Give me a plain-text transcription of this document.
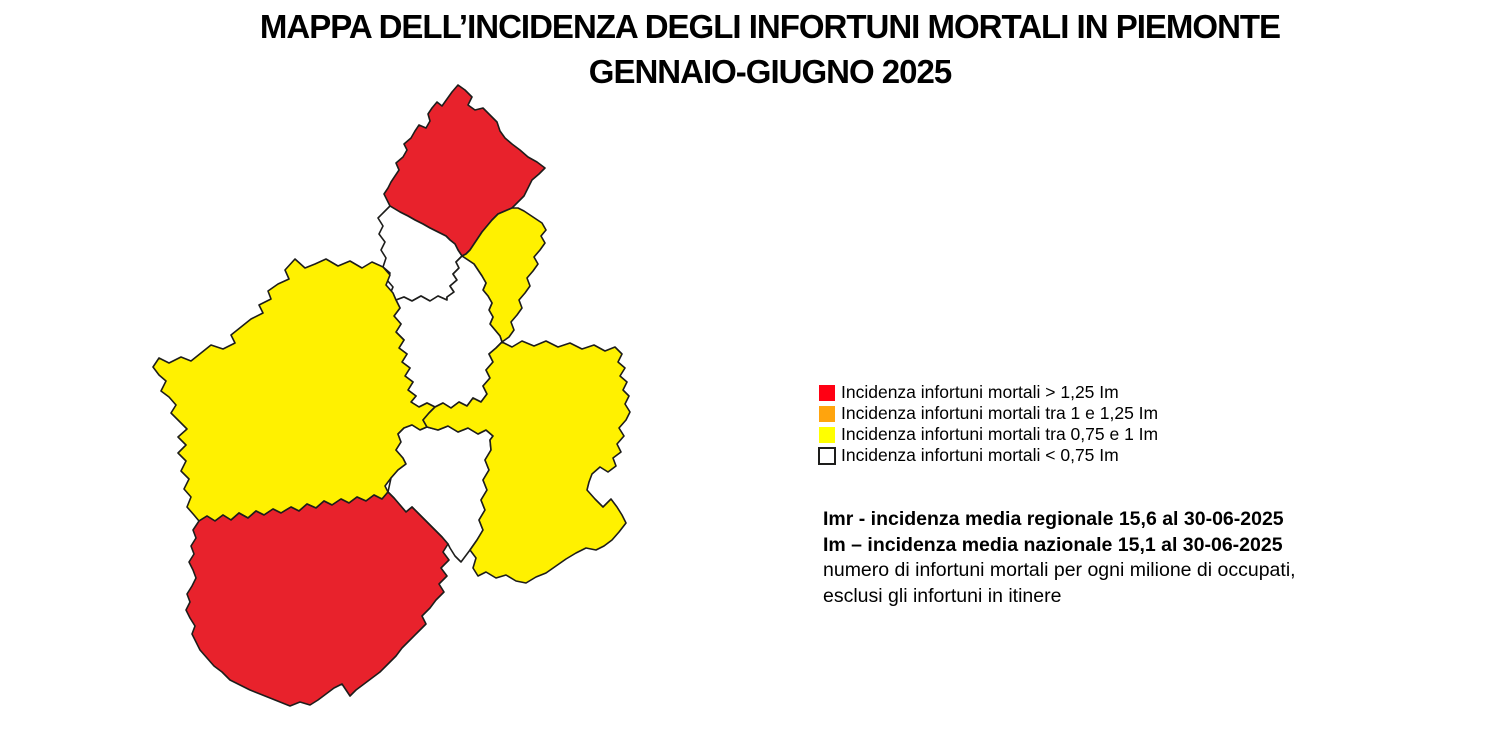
MAPPA DELL’INCIDENZA DEGLI INFORTUNI MORTALI IN PIEMONTE
GENNAIO-GIUGNO 2025
Incidenza infortuni mortali > 1,25 Im
Incidenza infortuni mortali tra 1 e 1,25 Im
Incidenza infortuni mortali tra 0,75 e 1 Im
Incidenza infortuni mortali < 0,75 Im
Imr - incidenza media regionale 15,6 al 30-06-2025
Im – incidenza media nazionale 15,1 al 30-06-2025
numero di infortuni mortali per ogni milione di occupati,
esclusi gli infortuni in itinere
